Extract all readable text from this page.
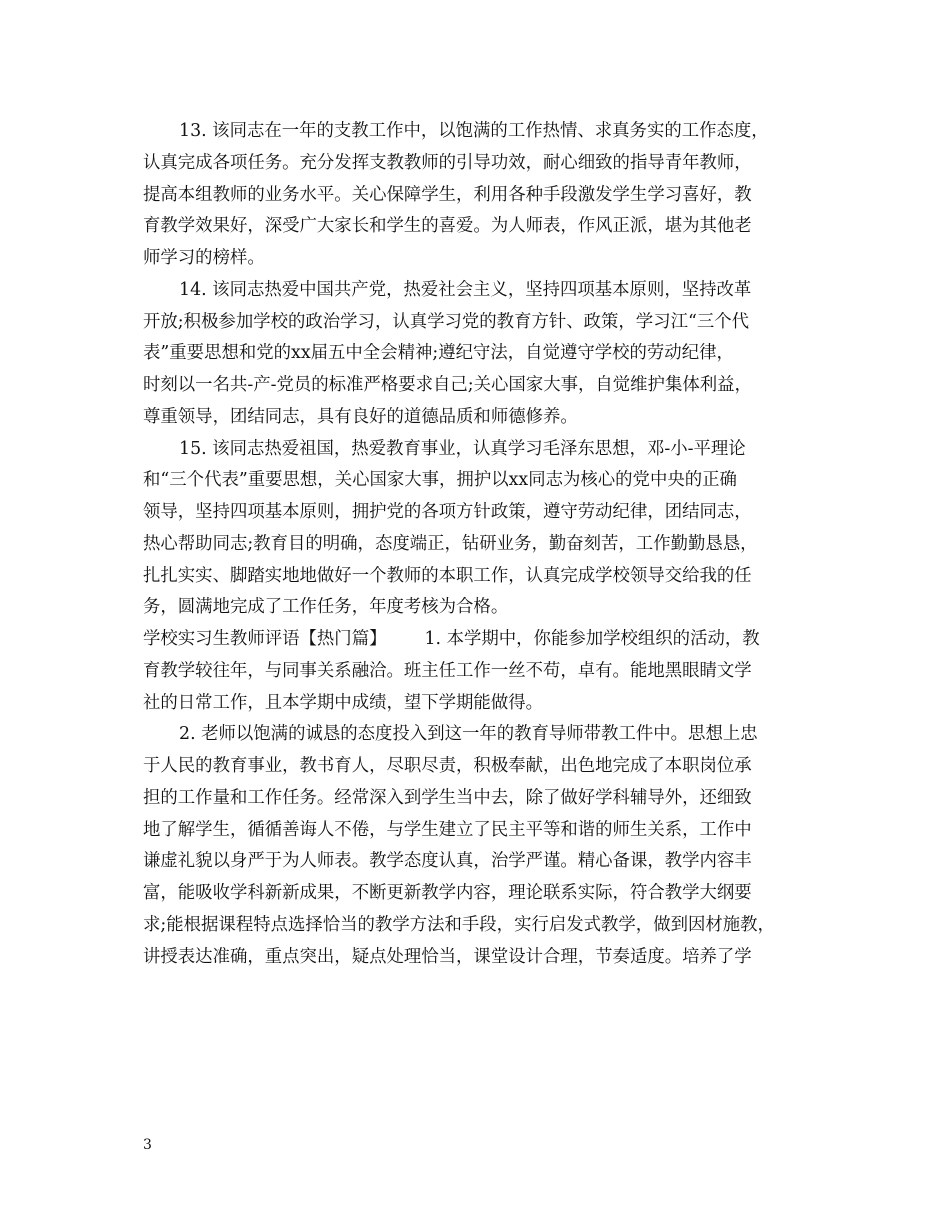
13. 该同志在一年的支教工作中，以饱满的工作热情、求真务实的工作态度，
认真完成各项任务。充分发挥支教教师的引导功效，耐心细致的指导青年教师，
提高本组教师的业务水平。关心保障学生，利用各种手段激发学生学习喜好，教
育教学效果好，深受广大家长和学生的喜爱。为人师表，作风正派，堪为其他老
师学习的榜样。
14. 该同志热爱中国共产党，热爱社会主义，坚持四项基本原则，坚持改革
开放;积极参加学校的政治学习，认真学习党的教育方针、政策，学习江“三个代
表”重要思想和党的xx届五中全会精神;遵纪守法，自觉遵守学校的劳动纪律，
时刻以一名共-产-党员的标准严格要求自己;关心国家大事，自觉维护集体利益，
尊重领导，团结同志，具有良好的道德品质和师德修养。
15. 该同志热爱祖国，热爱教育事业，认真学习毛泽东思想，邓-小-平理论
和“三个代表”重要思想，关心国家大事，拥护以xx同志为核心的党中央的正确
领导，坚持四项基本原则，拥护党的各项方针政策，遵守劳动纪律，团结同志，
热心帮助同志;教育目的明确，态度端正，钻研业务，勤奋刻苦，工作勤勤恳恳，
扎扎实实、脚踏实地地做好一个教师的本职工作，认真完成学校领导交给我的任
务，圆满地完成了工作任务，年度考核为合格。
学校实习生教师评语【热门篇】 1. 本学期中，你能参加学校组织的活动，教
育教学较往年，与同事关系融洽。班主任工作一丝不苟，卓有。能地黑眼睛文学
社的日常工作，且本学期中成绩，望下学期能做得。
2. 老师以饱满的诚恳的态度投入到这一年的教育导师带教工件中。思想上忠
于人民的教育事业，教书育人，尽职尽责，积极奉献，出色地完成了本职岗位承
担的工作量和工作任务。经常深入到学生当中去，除了做好学科辅导外，还细致
地了解学生，循循善诲人不倦，与学生建立了民主平等和谐的师生关系，工作中
谦虚礼貌以身严于为人师表。教学态度认真，治学严谨。精心备课，教学内容丰
富，能吸收学科新新成果，不断更新教学内容，理论联系实际，符合教学大纲要
求;能根据课程特点选择恰当的教学方法和手段，实行启发式教学，做到因材施教，
讲授表达准确，重点突出，疑点处理恰当，课堂设计合理，节奏适度。培养了学
3
